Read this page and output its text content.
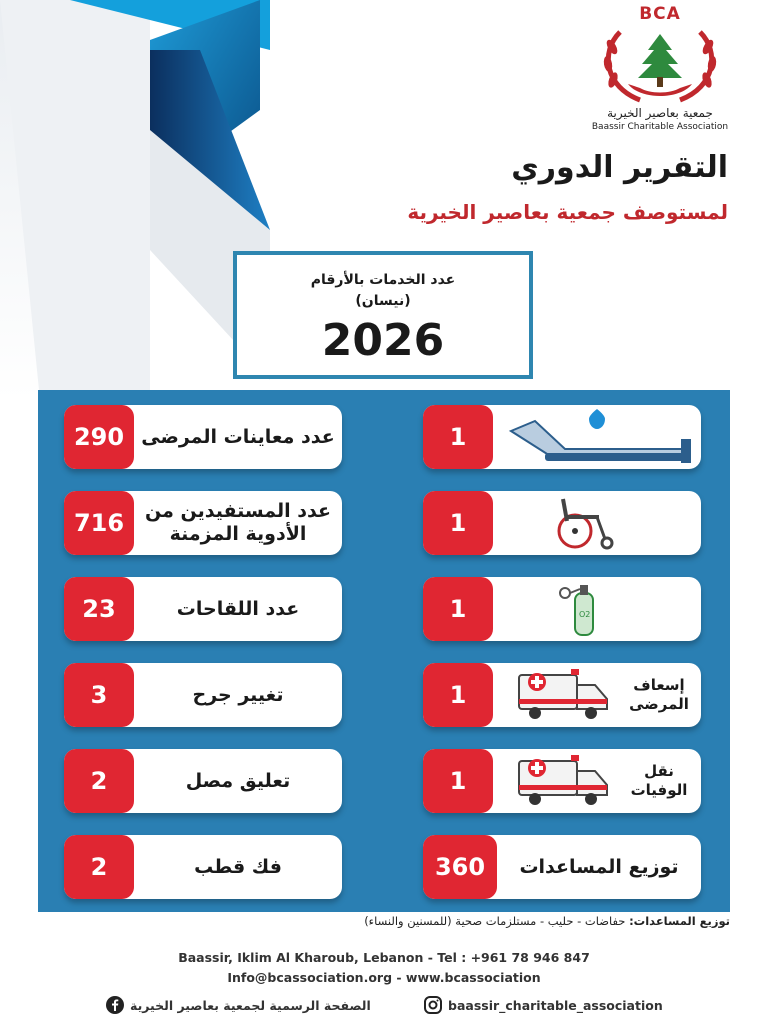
BCA
جمعية بعاصير الخيرية
Baassir Charitable Association
التقرير الدوري
لمستوصف جمعية بعاصير الخيرية
عدد الخدمات بالأرقام
(نيسان)
2026
290 عدد معاينات المرضى
716	عدد المستفيدين من الأدوية المزمنة
23	عدد اللقاحات
3	تغيير جرح
2	تعليق مصل
2	فك قطب
1
1
1	O2
1	إسعاف المرضى
1	نقل الوفيات
360	توزيع المساعدات
توزيع المساعدات: حفاضات - حليب - مستلزمات صحية (للمسنين والنساء)
Baassir, Iklim Al Kharoub, Lebanon - Tel : +961 78 946 847
Info@bcassociation.org - www.bcassociation
الصفحة الرسمية لجمعية بعاصير الخيرية	baassir_charitable_association
